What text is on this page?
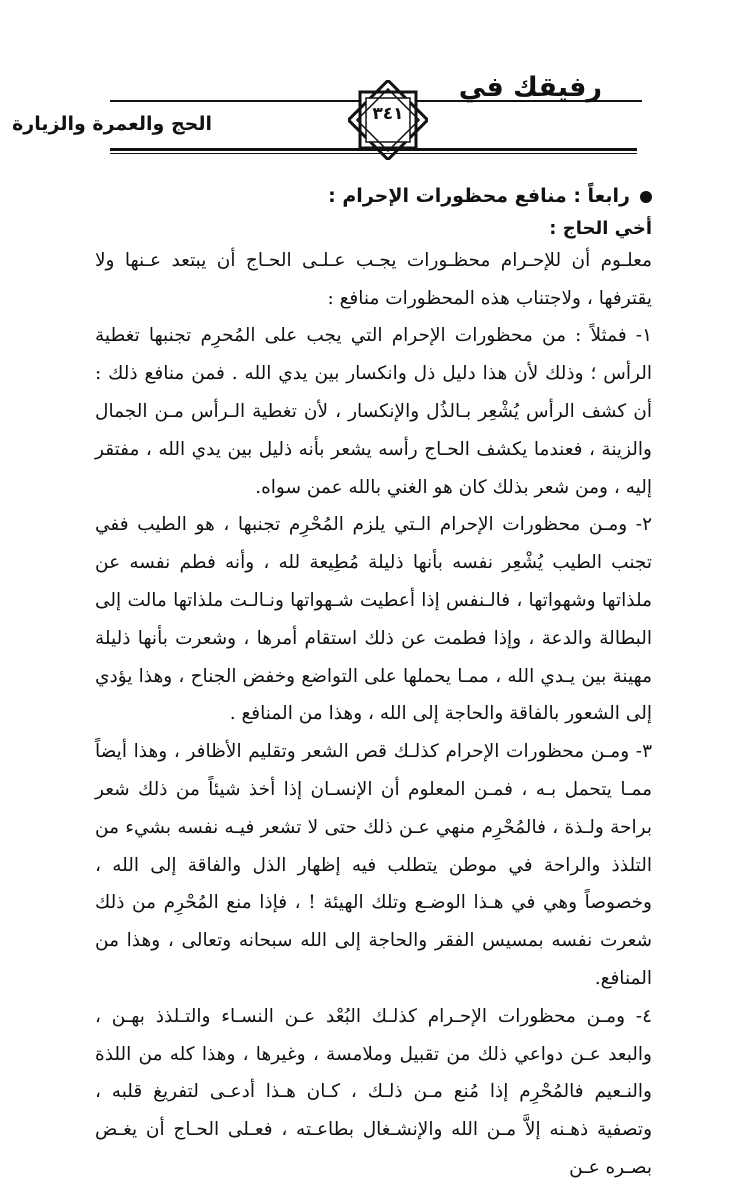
رفيقك في
٣٤١
الحج والعمرة والزيارة

رابعاً : منافع محظورات الإحرام :

أخي الحاج :

معلـوم أن للإحـرام محظـورات يجـب عـلـى الحـاج أن يبتعد عـنها ولا يقترفها ، ولاجتناب هذه المحظورات منافع :

١- فمثلاً : من محظورات الإحرام التي يجب على المُحرِم تجنبها تغطية الرأس ؛ وذلك لأن هذا دليل ذل وانكسار بين يدي الله . فمن منافع ذلك : أن كشف الرأس يُشْعِر بـالذُل والإنكسار ، لأن تغطية الـرأس مـن الجمال والزينة ، فعندما يكشف الحـاج رأسه يشعر بأنه ذليل بين يدي الله ، مفتقر إليه ، ومن شعر بذلك كان هو الغني بالله عمن سواه.

٢- ومـن محظورات الإحرام الـتي يلزم المُحْرِم تجنبها ، هو الطيب ففي تجنب الطيب يُشْعِر نفسه بأنها ذليلة مُطِيعة لله ، وأنه فطم نفسه عن ملذاتها وشهواتها ، فالـنفس إذا أعطيت شـهواتها ونـالـت ملذاتها مالت إلى البطالة والدعة ، وإذا فطمت عن ذلك استقام أمرها ، وشعرت بأنها ذليلة مهينة بين يـدي الله ، ممـا يحملها على التواضع وخفض الجناح ، وهذا يؤدي إلى الشعور بالفاقة والحاجة إلى الله ، وهذا من المنافع .

٣- ومـن محظورات الإحرام كذلـك قص الشعر وتقليم الأظافر ، وهذا أيضاً ممـا يتحمل بـه ، فمـن المعلوم أن الإنسـان إذا أخذ شيئاً من ذلك شعر براحة ولـذة ، فالمُحْرِم منهي عـن ذلك حتى لا تشعر فيـه نفسه بشيء من التلذذ والراحة في موطن يتطلب فيه إظهار الذل والفاقة إلى الله ، وخصوصاً وهي في هـذا الوضـع وتلك الهيئة ! ، فإذا منع المُحْرِم من ذلك شعرت نفسه بمسيس الفقر والحاجة إلى الله سبحانه وتعالى ، وهذا من المنافع.

٤- ومـن محظورات الإحـرام كذلـك البُعْد عـن النسـاء والتـلذذ بهـن ، والبعد عـن دواعي ذلك من تقبيل وملامسة ، وغيرها ، وهذا كله من اللذة والنـعيم فالمُحْرِم إذا مُنع مـن ذلـك ، كـان هـذا أدعـى لتفريغ قلبه ، وتصفية ذهـنه إلاَّ مـن الله والإنشـغال بطاعـته ، فعـلى الحـاج أن يغـض بصـره عـن
